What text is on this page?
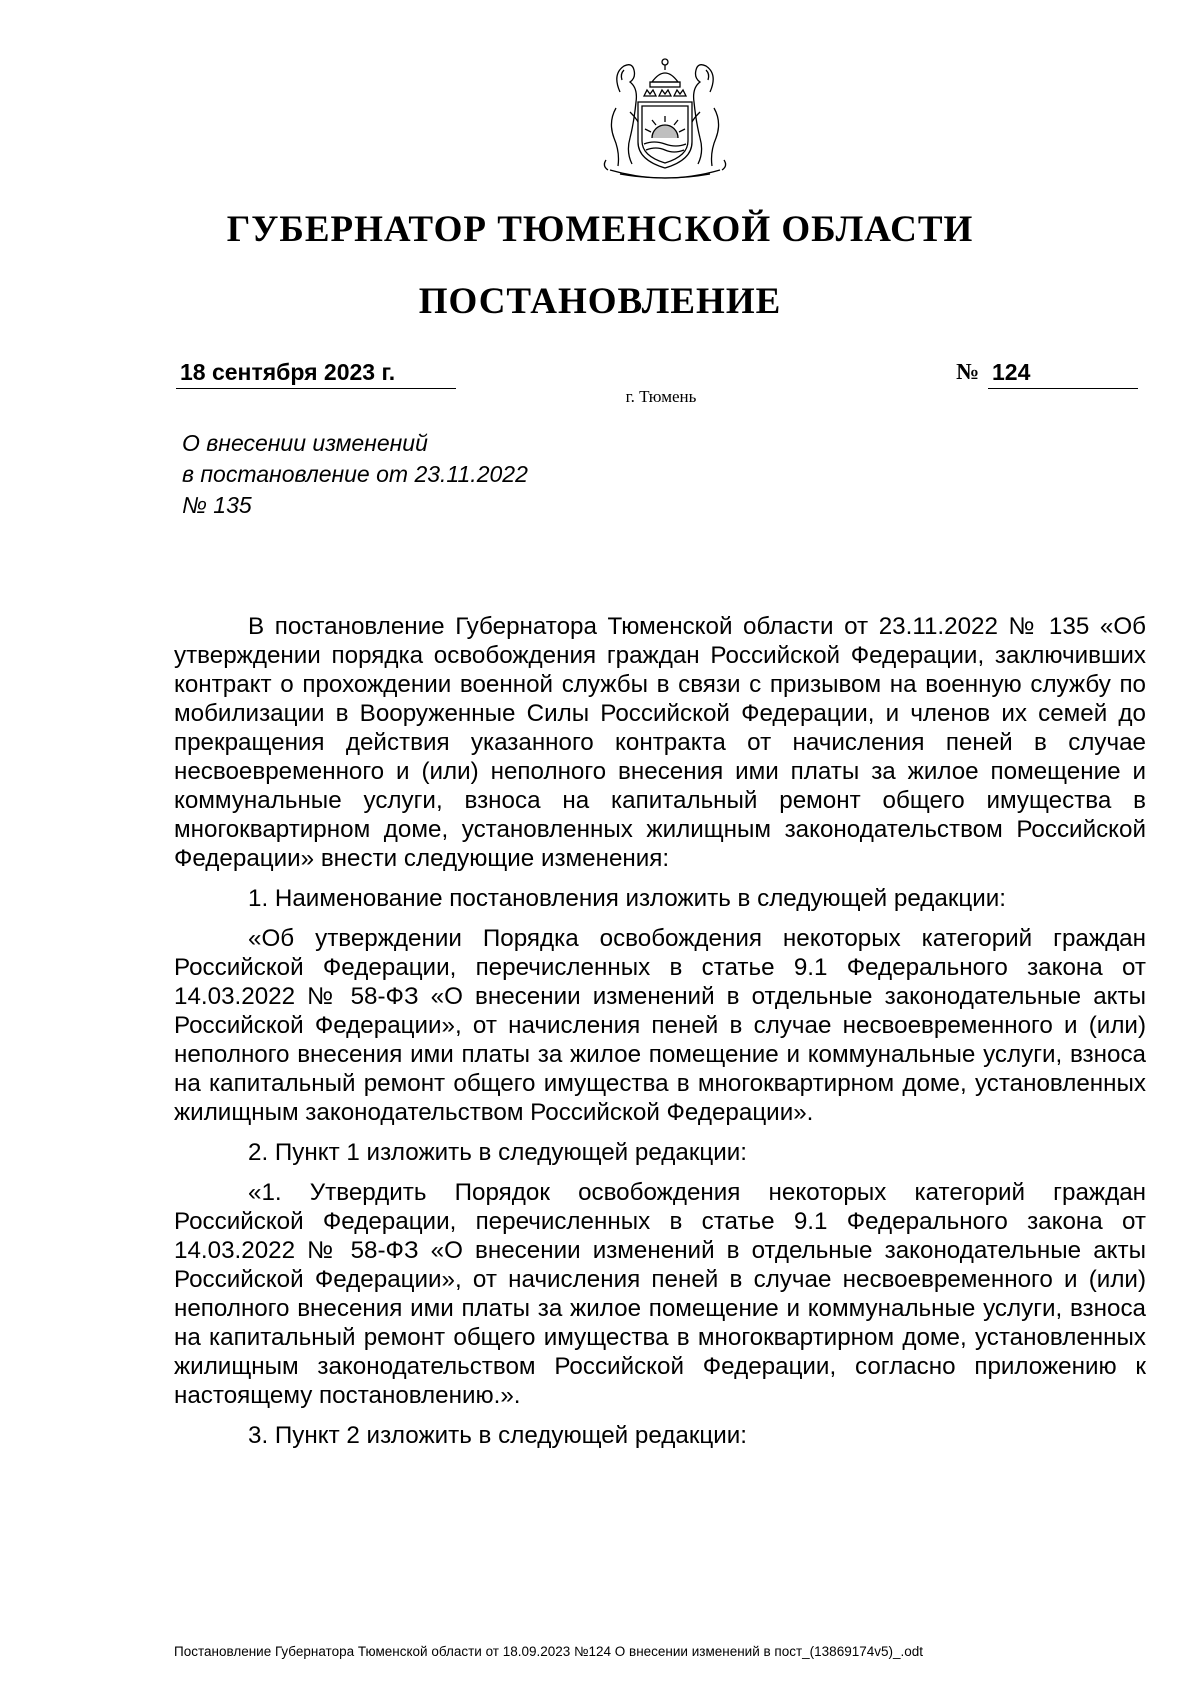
ГУБЕРНАТОР ТЮМЕНСКОЙ ОБЛАСТИ
ПОСТАНОВЛЕНИЕ
18 сентября 2023 г.	№ 124
г. Тюмень
О внесении изменений
в постановление от 23.11.2022
№ 135

В постановление Губернатора Тюменской области от 23.11.2022 № 135 «Об утверждении порядка освобождения граждан Российской Федерации, заключивших контракт о прохождении военной службы в связи с призывом на военную службу по мобилизации в Вооруженные Силы Российской Федерации, и членов их семей до прекращения действия указанного контракта от начисления пеней в случае несвоевременного и (или) неполного внесения ими платы за жилое помещение и коммунальные услуги, взноса на капитальный ремонт общего имущества в многоквартирном доме, установленных жилищным законодательством Российской Федерации» внести следующие изменения:

1. Наименование постановления изложить в следующей редакции:

«Об утверждении Порядка освобождения некоторых категорий граждан Российской Федерации, перечисленных в статье 9.1 Федерального закона от 14.03.2022 № 58-ФЗ «О внесении изменений в отдельные законодательные акты Российской Федерации», от начисления пеней в случае несвоевременного и (или) неполного внесения ими платы за жилое помещение и коммунальные услуги, взноса на капитальный ремонт общего имущества в многоквартирном доме, установленных жилищным законодательством Российской Федерации».

2. Пункт 1 изложить в следующей редакции:

«1. Утвердить Порядок освобождения некоторых категорий граждан Российской Федерации, перечисленных в статье 9.1 Федерального закона от 14.03.2022 № 58-ФЗ «О внесении изменений в отдельные законодательные акты Российской Федерации», от начисления пеней в случае несвоевременного и (или) неполного внесения ими платы за жилое помещение и коммунальные услуги, взноса на капитальный ремонт общего имущества в многоквартирном доме, установленных жилищным законодательством Российской Федерации, согласно приложению к настоящему постановлению.».

3. Пункт 2 изложить в следующей редакции:

Постановление Губернатора Тюменской области от 18.09.2023 №124 О внесении изменений в пост_(13869174v5)_.odt
